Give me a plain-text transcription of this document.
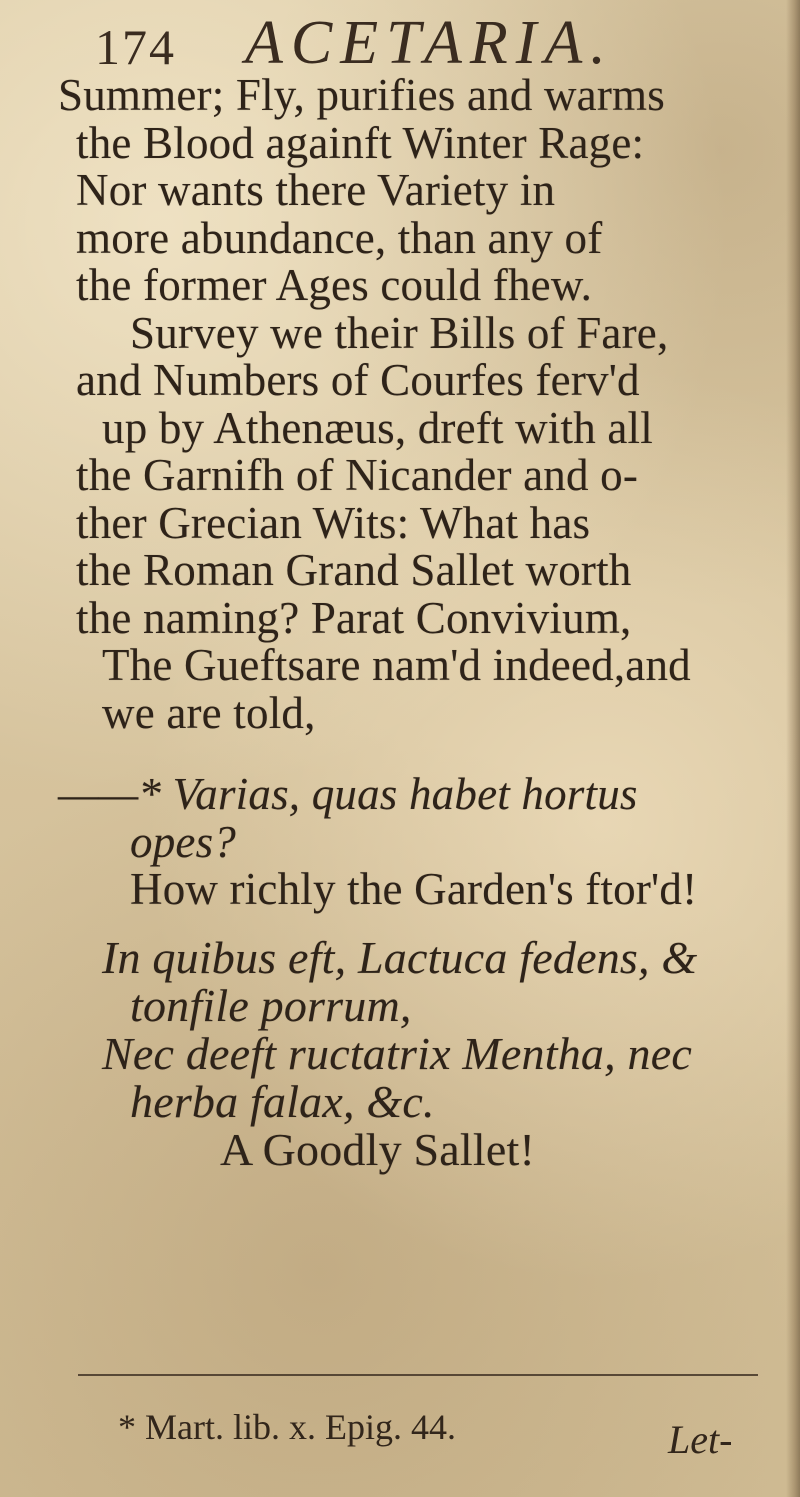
174 ACETARIA.
Summer; Fly, purifies and warms
the Blood againft Winter Rage:
Nor wants there Variety in
more abundance, than any of
the former Ages could fhew.
Survey we their Bills of Fare,
and Numbers of Courfes ferv'd
up by Athenæus, dreft with all
the Garnifh of Nicander and o-
ther Grecian Wits: What has
the Roman Grand Sallet worth
the naming? Parat Convivium,
The Gueftsare nam'd indeed,and
we are told,
——* Varias, quas habet hortus
opes?
How richly the Garden's ftor'd!
In quibus eft, Lactuca fedens, &
tonfile porrum,
Nec deeft ructatrix Mentha, nec
herba falax, &c.
A Goodly Sallet!
* Mart. lib. x. Epig. 44.	Let-
